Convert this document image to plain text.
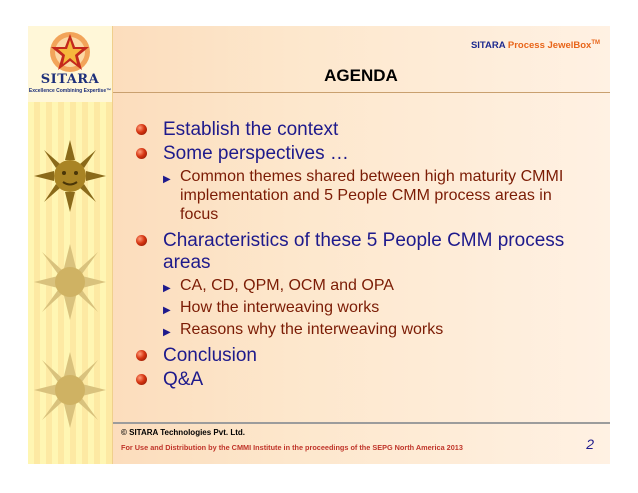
SITARA
Excellence Combining Expertise™
SITARA Process JewelBox™
AGENDA
Establish the context
Some perspectives …
▶ Common themes shared between high maturity CMMI implementation and 5 People CMM process areas in focus
Characteristics of these 5 People CMM process areas
▶ CA, CD, QPM, OCM and OPA
▶ How the interweaving works
▶ Reasons why the interweaving works
Conclusion
Q&A
© SITARA Technologies Pvt. Ltd.
For Use and Distribution by the CMMI Institute in the proceedings of the SEPG North America 2013	2
